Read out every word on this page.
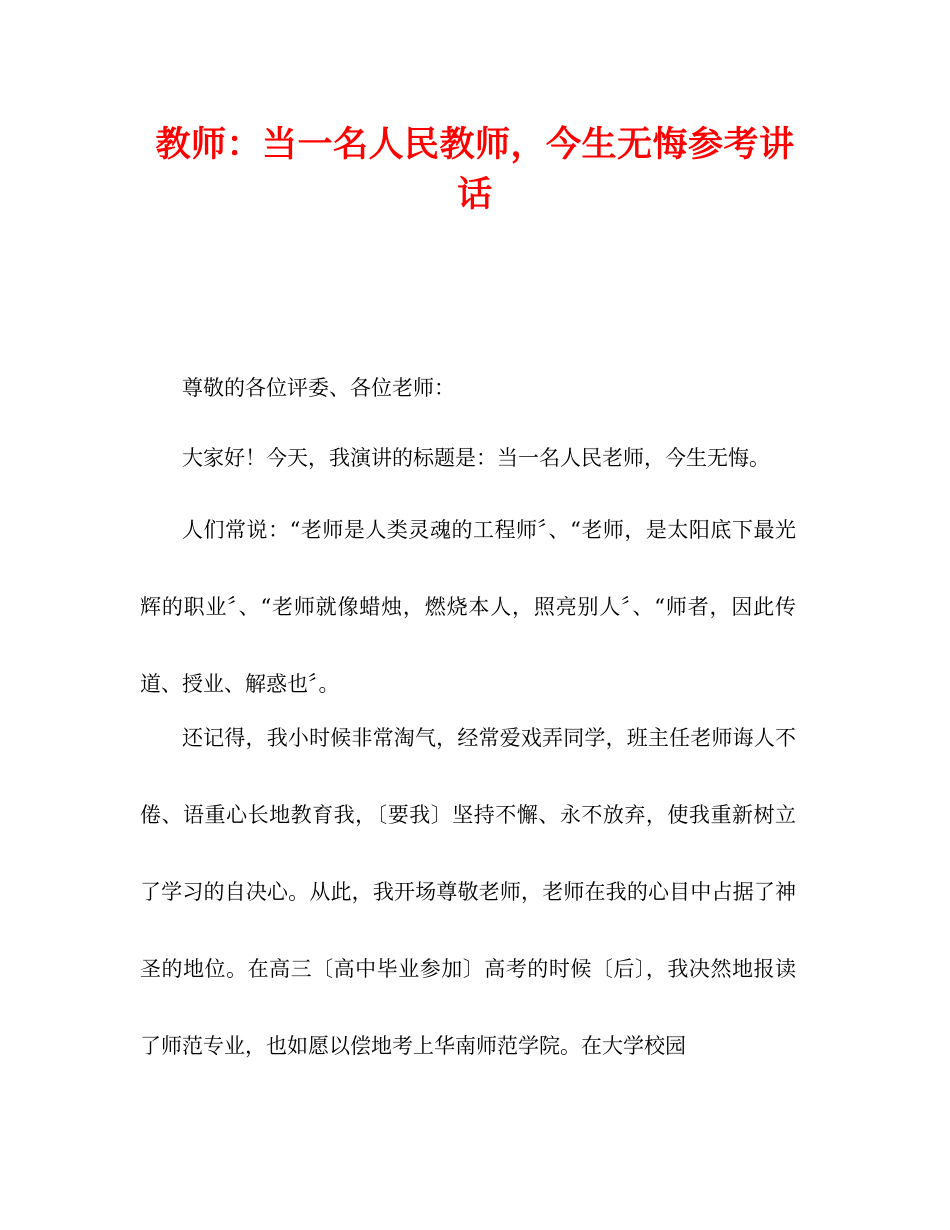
教师：当一名人民教师，今生无悔参考讲话

尊敬的各位评委、各位老师：

大家好！今天，我演讲的标题是：当一名人民老师，今生无悔。

人们常说：“老师是人类灵魂的工程师〞、“老师，是太阳底下最光辉的职业〞、“老师就像蜡烛，燃烧本人，照亮别人〞、“师者，因此传道、授业、解惑也〞。

还记得，我小时候非常淘气，经常爱戏弄同学，班主任老师诲人不倦、语重心长地教育我，〔要我〕坚持不懈、永不放弃，使我重新树立了学习的自决心。从此，我开场尊敬老师，老师在我的心目中占据了神圣的地位。在高三〔高中毕业参加〕高考的时候〔后〕，我决然地报读了师范专业，也如愿以偿地考上华南师范学院。在大学校园
